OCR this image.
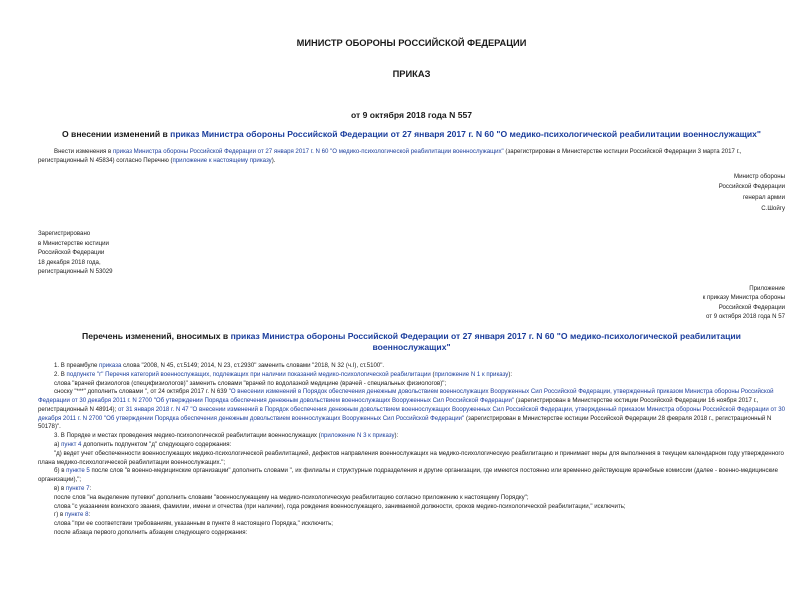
МИНИСТР ОБОРОНЫ РОССИЙСКОЙ ФЕДЕРАЦИИ
ПРИКАЗ
от 9 октября 2018 года N 557
О внесении изменений в приказ Министра обороны Российской Федерации от 27 января 2017 г. N 60 "О медико-психологической реабилитации военнослужащих"
Внести изменения в приказ Министра обороны Российской Федерации от 27 января 2017 г. N 60 "О медико-психологической реабилитации военнослужащих" (зарегистрирован в Министерстве юстиции Российской Федерации 3 марта 2017 г., регистрационный N 45834) согласно Перечню (приложение к настоящему приказу).
Министр обороны
Российской Федерации
генерал армии
С.Шойгу
Зарегистрировано
в Министерстве юстиции
Российской Федерации
18 декабря 2018 года,
регистрационный N 53029
Приложение
к приказу Министра обороны
Российской Федерации
от 9 октября 2018 года N 57
Перечень изменений, вносимых в приказ Министра обороны Российской Федерации от 27 января 2017 г. N 60 "О медико-психологической реабилитации военнослужащих"
1. В преамбуле приказа слова "2008, N 45, ст.5149; 2014, N 23, ст.2930" заменить словами "2018, N 32 (ч.I), ст.5100".
2. В подпункте "г" Перечня категорий военнослужащих, подлежащих при наличии показаний медико-психологической реабилитации (приложение N 1 к приказу):
слова "врачей физиологов (специфизиологов)" заменить словами "врачей по водолазной медицине (врачей - специальных физиологов)";
сноску "***" дополнить словами ", от 24 октября 2017 г. N 639 "О внесении изменений в Порядок обеспечения денежным довольствием военнослужащих Вооруженных Сил Российской Федерации, утвержденный приказом Министра обороны Российской Федерации от 30 декабря 2011 г. N 2700 "Об утверждении Порядка обеспечения денежным довольствием военнослужащих Вооруженных Сил Российской Федерации" (зарегистрирован в Министерстве юстиции Российской Федерации 16 ноября 2017 г., регистрационный N 48914); от 31 января 2018 г. N 47 "О внесении изменений в Порядок обеспечения денежным довольствием военнослужащих Вооруженных Сил Российской Федерации, утвержденный приказом Министра обороны Российской Федерации от 30 декабря 2011 г. N 2700 "Об утверждении Порядка обеспечения денежным довольствием военнослужащих Вооруженных Сил Российской Федерации" (зарегистрирован в Министерстве юстиции Российской Федерации 28 февраля 2018 г., регистрационный N 50178)".
3. В Порядке и местах проведения медико-психологической реабилитации военнослужащих (приложение N 3 к приказу):
а) пункт 4 дополнить подпунктом "д" следующего содержания:
"д) ведет учет обеспеченности военнослужащих медико-психологической реабилитацией, дефектов направления военнослужащих на медико-психологическую реабилитацию и принимает меры для выполнения в текущем календарном году утвержденного плана медико-психологической реабилитации военнослужащих.";
б) в пункте 5 после слов "в военно-медицинские организации" дополнить словами ", их филиалы и структурные подразделения и другие организации, где имеются постоянно или временно действующие врачебные комиссии (далее - военно-медицинские организации),";
в) в пункте 7:
после слов "на выделение путевки" дополнить словами "военнослужащему на медико-психологическую реабилитацию согласно приложению к настоящему Порядку";
слова "с указанием воинского звания, фамилии, имени и отчества (при наличии), года рождения военнослужащего, занимаемой должности, сроков медико-психологической реабилитации," исключить;
г) в пункте 8:
слова "при ее соответствии требованиям, указанным в пункте 8 настоящего Порядка," исключить;
после абзаца первого дополнить абзацем следующего содержания:
